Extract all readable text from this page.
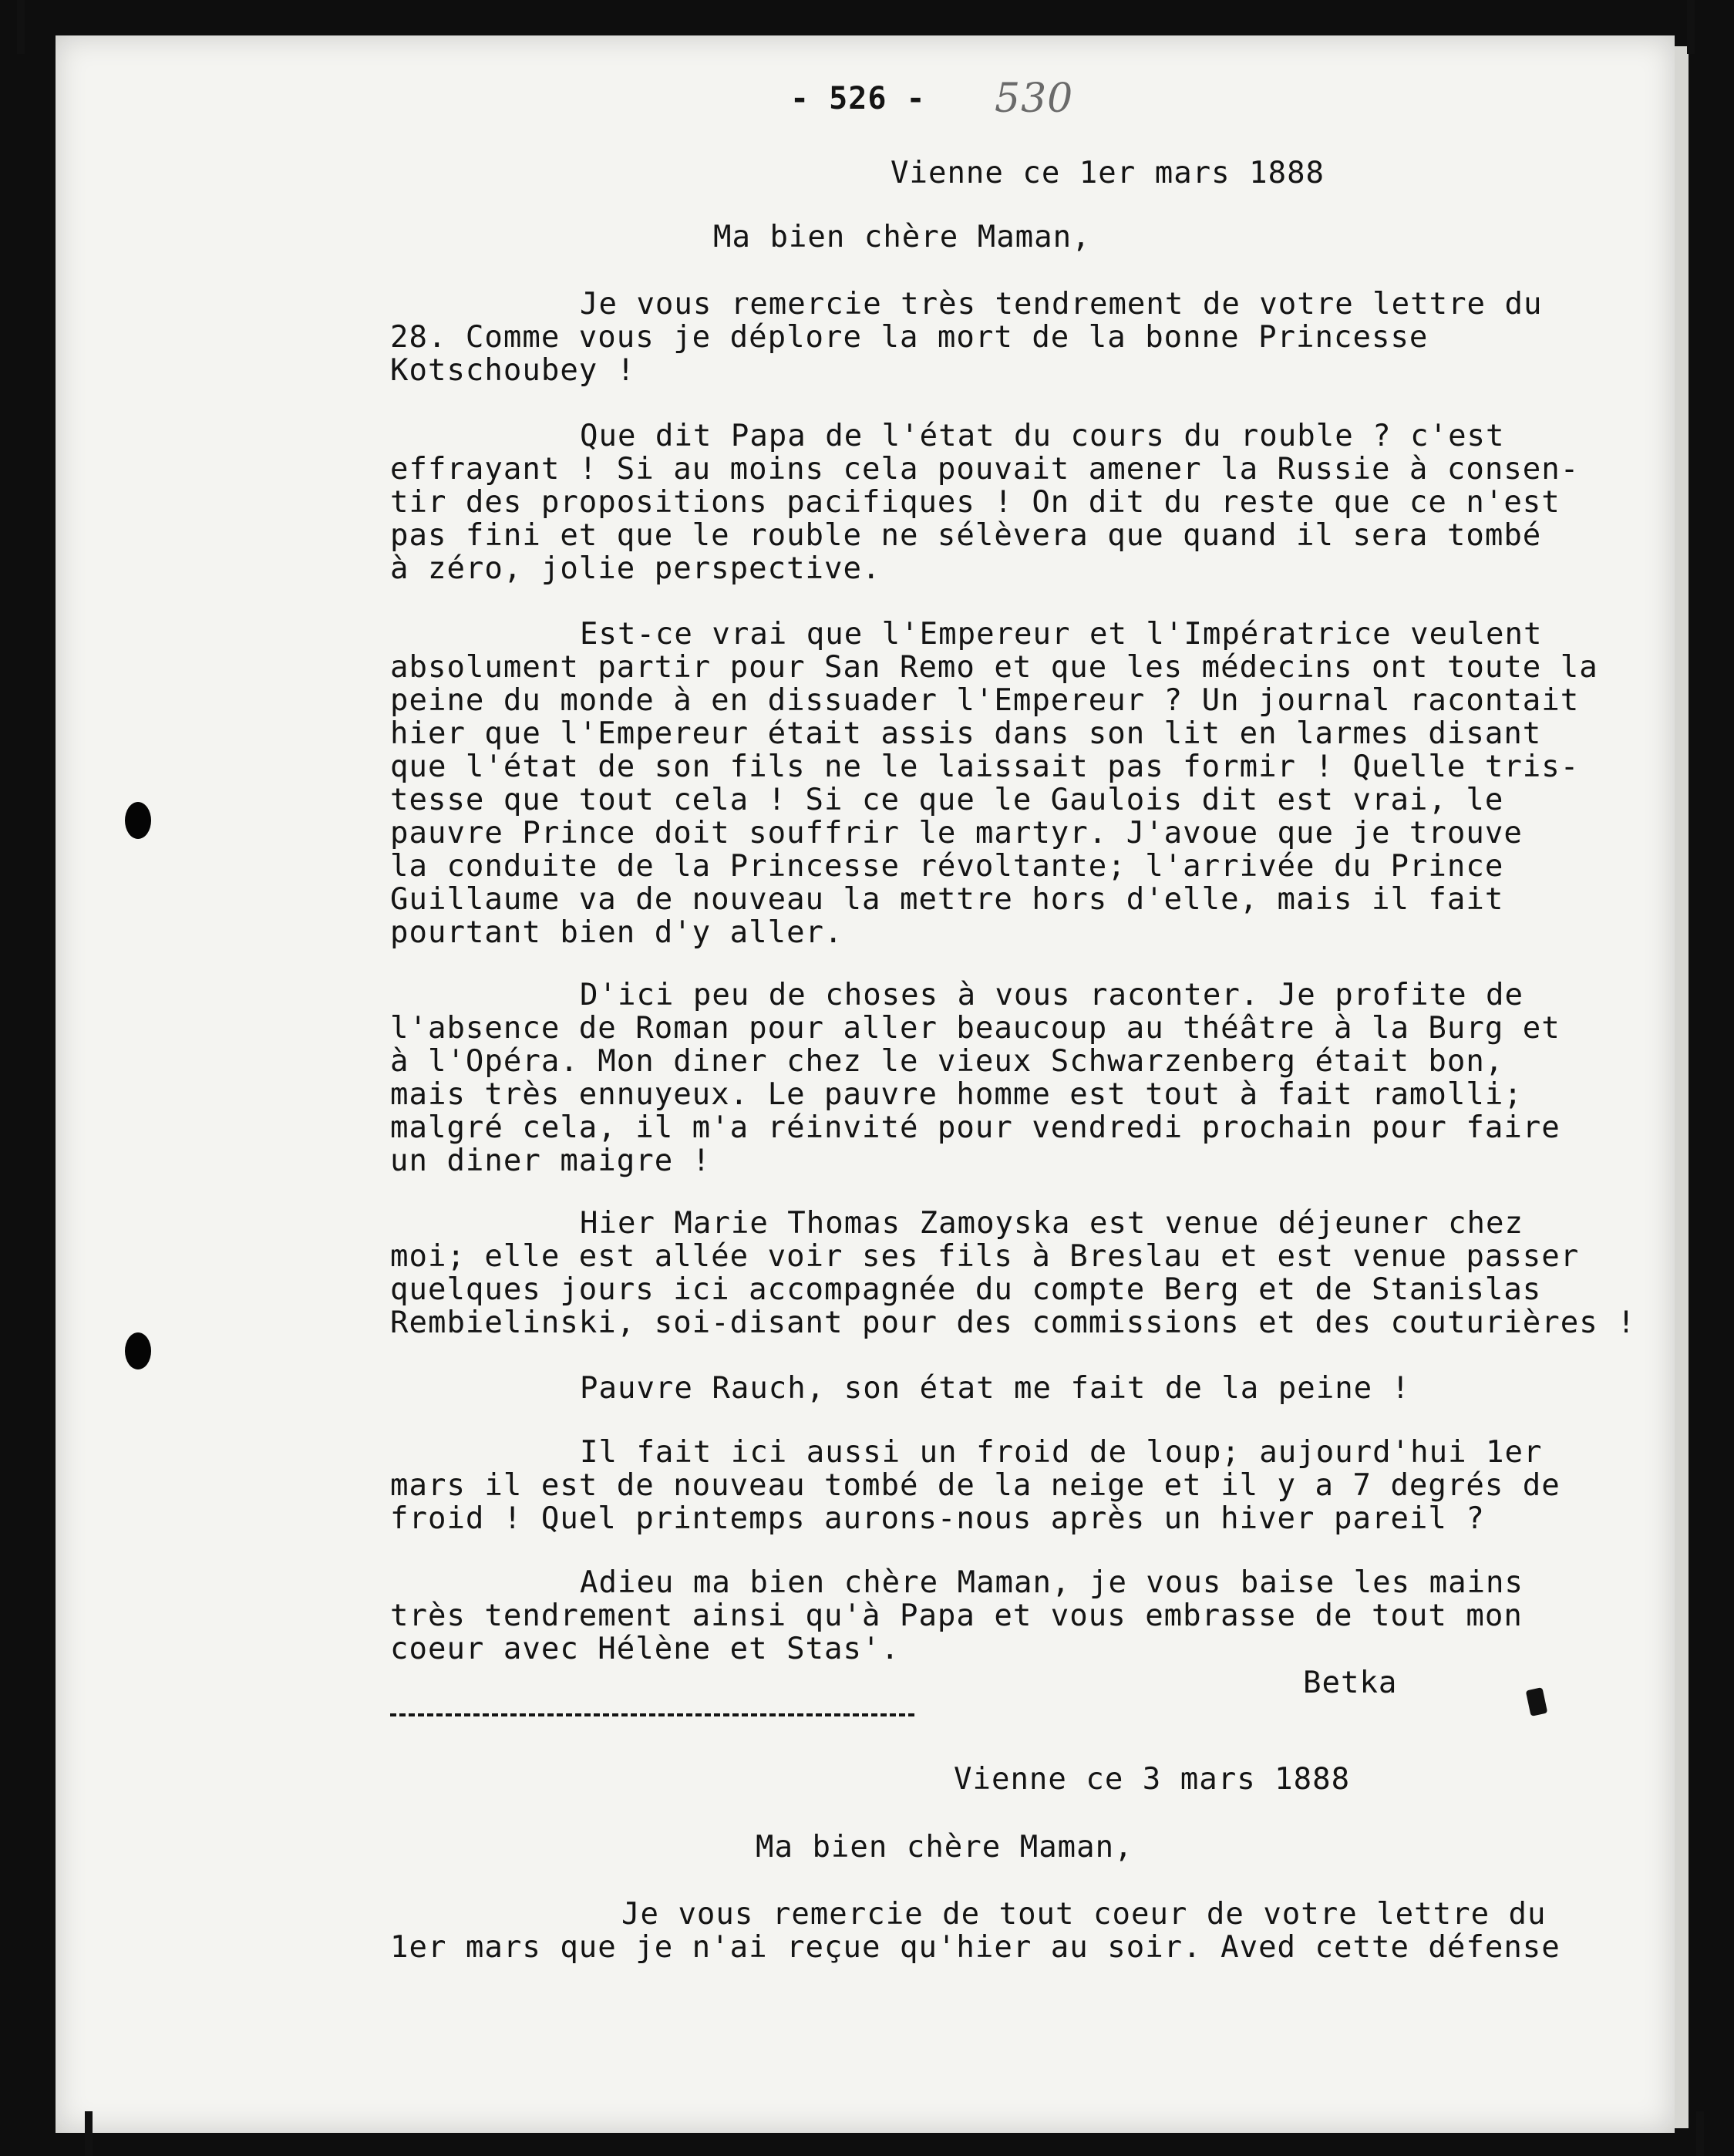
- 526 - 530
Vienne ce 1er mars 1888
Ma bien chère Maman,
Je vous remercie très tendrement de votre lettre du
28. Comme vous je déplore la mort de la bonne Princesse
Kotschoubey !
Que dit Papa de l'état du cours du rouble ? c'est
effrayant ! Si au moins cela pouvait amener la Russie à consen-
tir des propositions pacifiques ! On dit du reste que ce n'est
pas fini et que le rouble ne sélèvera que quand il sera tombé
à zéro, jolie perspective.
Est-ce vrai que l'Empereur et l'Impératrice veulent
absolument partir pour San Remo et que les médecins ont toute la
peine du monde à en dissuader l'Empereur ? Un journal racontait
hier que l'Empereur était assis dans son lit en larmes disant
que l'état de son fils ne le laissait pas formir ! Quelle tris-
tesse que tout cela ! Si ce que le Gaulois dit est vrai, le
pauvre Prince doit souffrir le martyr. J'avoue que je trouve
la conduite de la Princesse révoltante; l'arrivée du Prince
Guillaume va de nouveau la mettre hors d'elle, mais il fait
pourtant bien d'y aller.
D'ici peu de choses à vous raconter. Je profite de
l'absence de Roman pour aller beaucoup au théâtre à la Burg et
à l'Opéra. Mon diner chez le vieux Schwarzenberg était bon,
mais très ennuyeux. Le pauvre homme est tout à fait ramolli;
malgré cela, il m'a réinvité pour vendredi prochain pour faire
un diner maigre !
Hier Marie Thomas Zamoyska est venue déjeuner chez
moi; elle est allée voir ses fils à Breslau et est venue passer
quelques jours ici accompagnée du compte Berg et de Stanislas
Rembielinski, soi-disant pour des commissions et des couturières !
Pauvre Rauch, son état me fait de la peine !
Il fait ici aussi un froid de loup; aujourd'hui 1er
mars il est de nouveau tombé de la neige et il y a 7 degrés de
froid ! Quel printemps aurons-nous après un hiver pareil ?
Adieu ma bien chère Maman, je vous baise les mains
très tendrement ainsi qu'à Papa et vous embrasse de tout mon
coeur avec Hélène et Stas'.
Betka
Vienne ce 3 mars 1888
Ma bien chère Maman,
Je vous remercie de tout coeur de votre lettre du
1er mars que je n'ai reçue qu'hier au soir. Aved cette défense
